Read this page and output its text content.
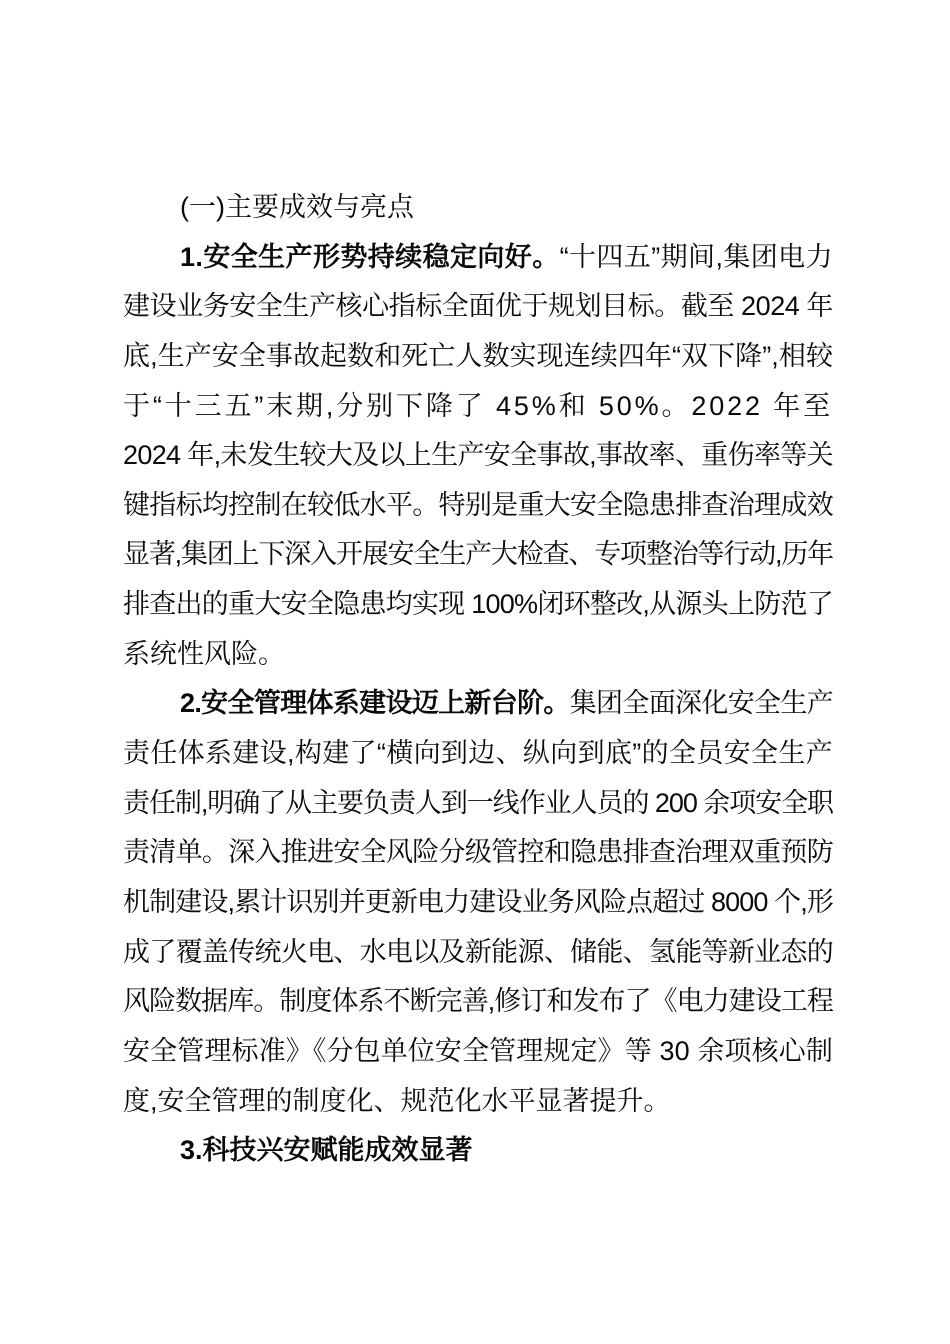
(一)主要成效与亮点
1.安全生产形势持续稳定向好。“十四五”期间,集团电力
建设业务安全生产核心指标全面优于规划目标。截至 2024 年
底,生产安全事故起数和死亡人数实现连续四年“双下降”,相较
于“十三五”末期,分别下降了 45%和 50%。2022 年至
2024 年,未发生较大及以上生产安全事故,事故率、重伤率等关
键指标均控制在较低水平。特别是重大安全隐患排查治理成效
显著,集团上下深入开展安全生产大检查、专项整治等行动,历年
排查出的重大安全隐患均实现 100%闭环整改,从源头上防范了
系统性风险。
2.安全管理体系建设迈上新台阶。集团全面深化安全生产
责任体系建设,构建了“横向到边、纵向到底”的全员安全生产
责任制,明确了从主要负责人到一线作业人员的 200 余项安全职
责清单。深入推进安全风险分级管控和隐患排查治理双重预防
机制建设,累计识别并更新电力建设业务风险点超过 8000 个,形
成了覆盖传统火电、水电以及新能源、储能、氢能等新业态的
风险数据库。制度体系不断完善,修订和发布了《电力建设工程
安全管理标准》《分包单位安全管理规定》等 30 余项核心制
度,安全管理的制度化、规范化水平显著提升。
3.科技兴安赋能成效显著
